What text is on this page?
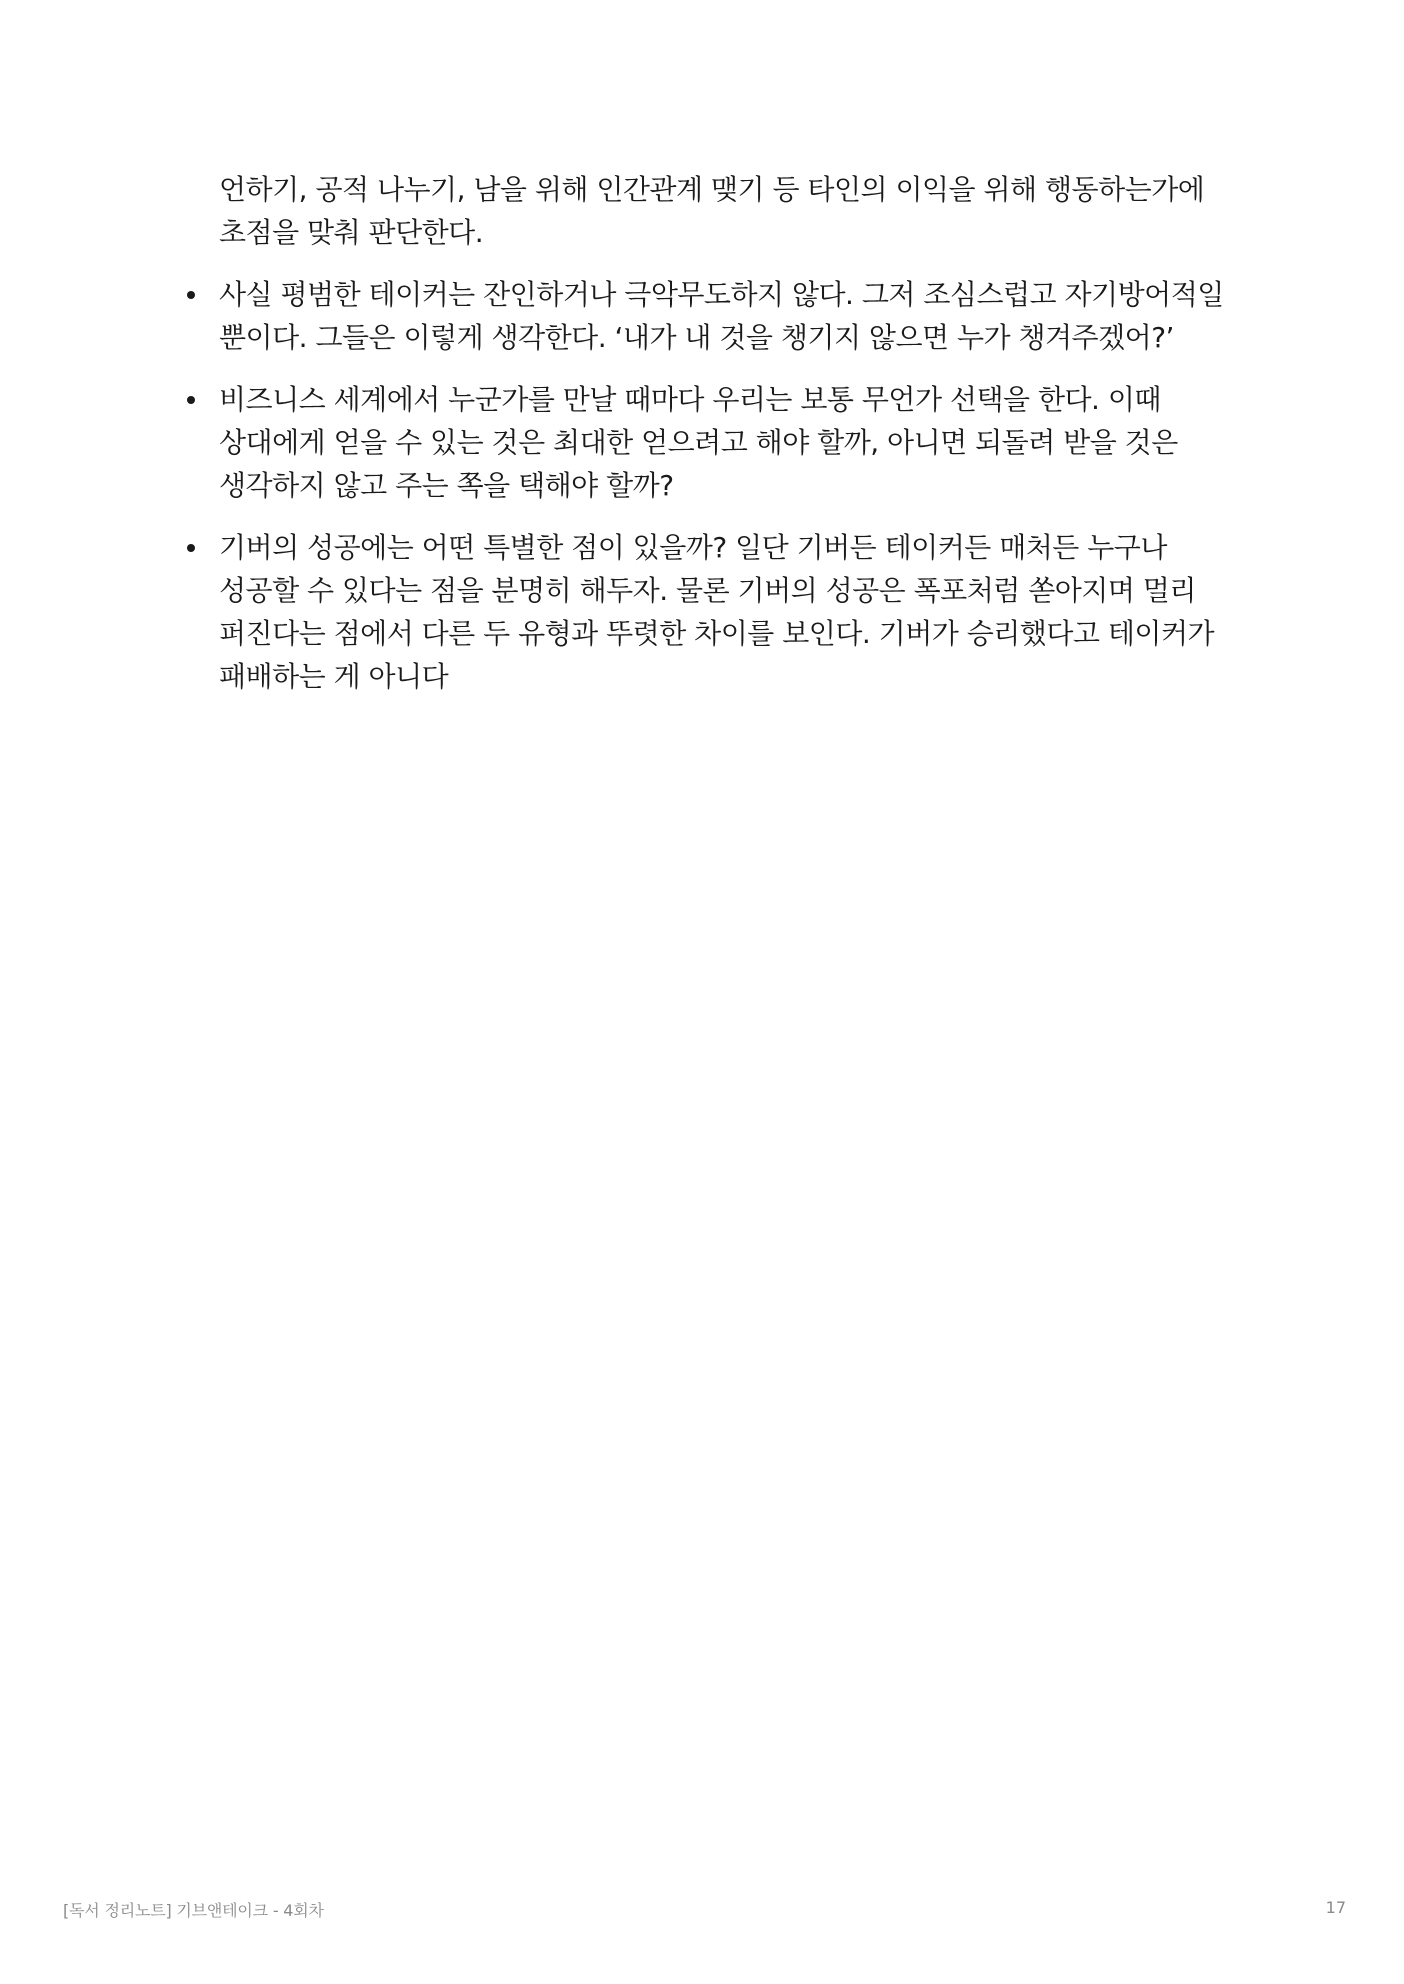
언하기, 공적 나누기, 남을 위해 인간관계 맺기 등 타인의 이익을 위해 행동하는가에 초점을 맞춰 판단한다.

사실 평범한 테이커는 잔인하거나 극악무도하지 않다. 그저 조심스럽고 자기방어적일 뿐이다. 그들은 이렇게 생각한다. ‘내가 내 것을 챙기지 않으면 누가 챙겨주겠어?’
비즈니스 세계에서 누군가를 만날 때마다 우리는 보통 무언가 선택을 한다. 이때 상대에게 얻을 수 있는 것은 최대한 얻으려고 해야 할까, 아니면 되돌려 받을 것은 생각하지 않고 주는 쪽을 택해야 할까?
기버의 성공에는 어떤 특별한 점이 있을까? 일단 기버든 테이커든 매처든 누구나 성공할 수 있다는 점을 분명히 해두자. 물론 기버의 성공은 폭포처럼 쏟아지며 멀리 퍼진다는 점에서 다른 두 유형과 뚜렷한 차이를 보인다. 기버가 승리했다고 테이커가 패배하는 게 아니다
[독서 정리노트] 기브앤테이크 - 4회차	17
